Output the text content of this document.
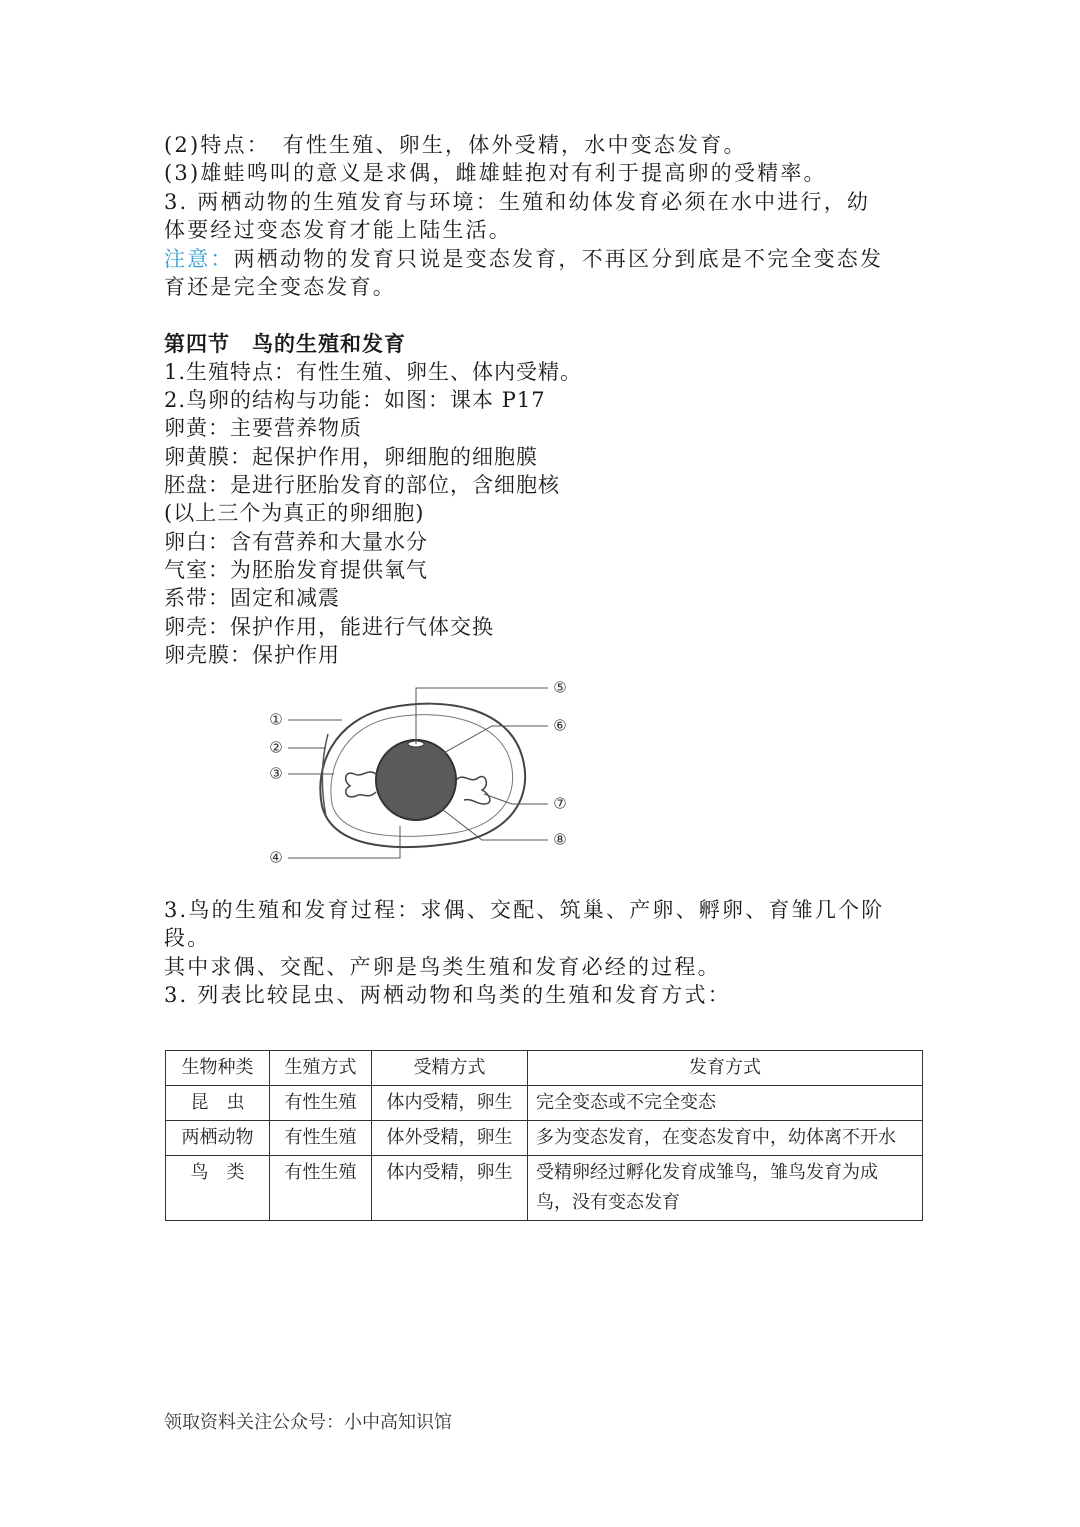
(2)特点：　有性生殖、卵生，体外受精，水中变态发育。
(3)雄蛙鸣叫的意义是求偶，雌雄蛙抱对有利于提高卵的受精率。
3. 两栖动物的生殖发育与环境：生殖和幼体发育必须在水中进行，幼
体要经过变态发育才能上陆生活。
注意：两栖动物的发育只说是变态发育，不再区分到底是不完全变态发
育还是完全变态发育。
第四节　鸟的生殖和发育
1.生殖特点：有性生殖、卵生、体内受精。
2.鸟卵的结构与功能：如图：课本 P17
卵黄：主要营养物质
卵黄膜：起保护作用，卵细胞的细胞膜
胚盘：是进行胚胎发育的部位，含细胞核
(以上三个为真正的卵细胞)
卵白：含有营养和大量水分
气室：为胚胎发育提供氧气
系带：固定和减震
卵壳：保护作用，能进行气体交换
卵壳膜：保护作用
①
②
③
④
⑤
⑥
⑦
⑧
3.鸟的生殖和发育过程：求偶、交配、筑巢、产卵、孵卵、育雏几个阶
段。
其中求偶、交配、产卵是鸟类生殖和发育必经的过程。
3. 列表比较昆虫、两栖动物和鸟类的生殖和发育方式：
生物种类	生殖方式	受精方式	发育方式
昆　虫	有性生殖	体内受精，卵生	完全变态或不完全变态
两栖动物	有性生殖	体外受精，卵生	多为变态发育，在变态发育中，幼体离不开水
鸟　类	有性生殖	体内受精，卵生	受精卵经过孵化发育成雏鸟，雏鸟发育为成
鸟，没有变态发育
领取资料关注公众号：小中高知识馆
